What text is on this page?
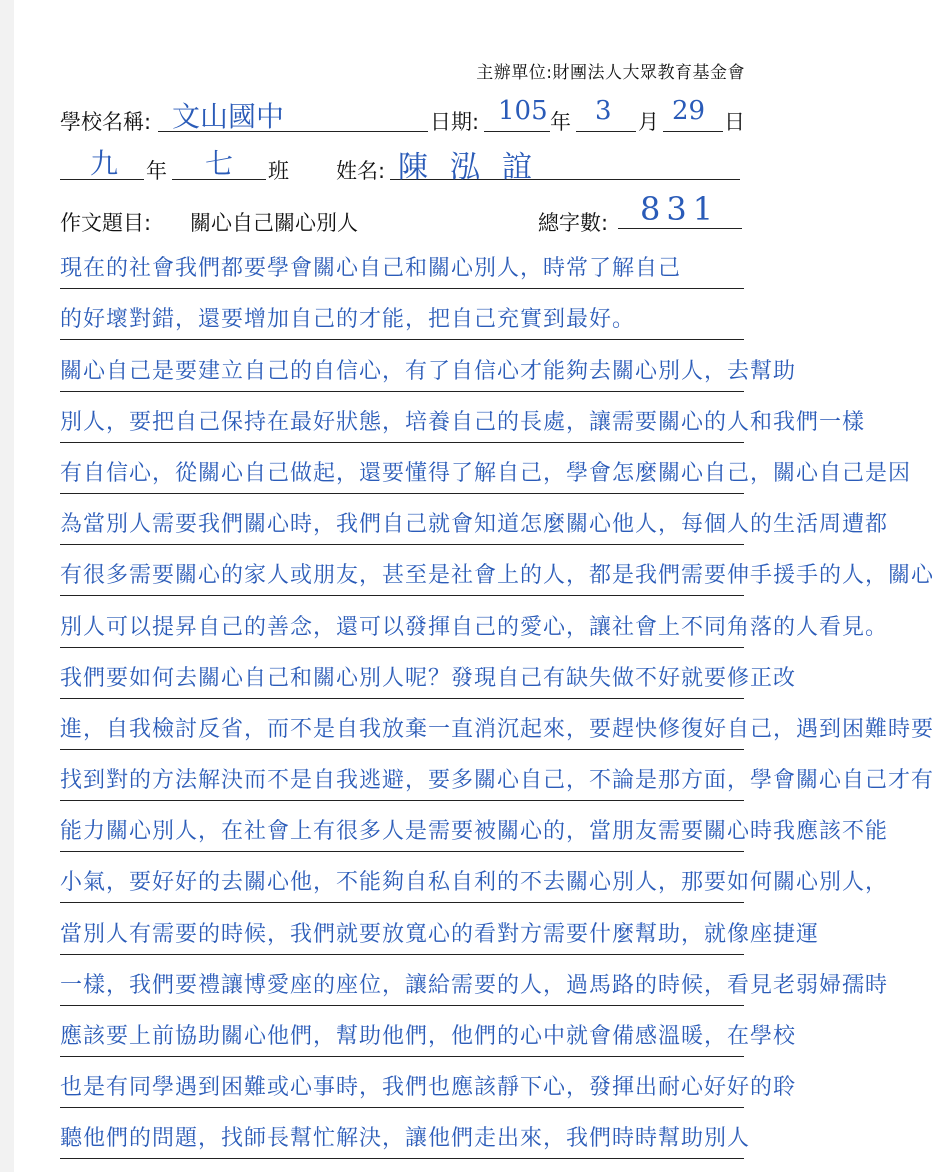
主辦單位:財團法人大眾教育基金會
學校名稱: 文山國中	日期: 105 年 3 月 29 日
九 年 七 班 姓名: 陳泓誼
作文題目: 關心自己關心別人	總字數: 831
現在的社會我們都要學會關心自己和關心別人，時常了解自己
的好壞對錯，還要增加自己的才能，把自己充實到最好。
關心自己是要建立自己的自信心，有了自信心才能夠去關心別人，去幫助
別人，要把自己保持在最好狀態，培養自己的長處，讓需要關心的人和我們一樣
有自信心，從關心自己做起，還要懂得了解自己，學會怎麼關心自己，關心自己是因
為當別人需要我們關心時，我們自己就會知道怎麼關心他人，每個人的生活周遭都
有很多需要關心的家人或朋友，甚至是社會上的人，都是我們需要伸手援手的人，關心
別人可以提昇自己的善念，還可以發揮自己的愛心，讓社會上不同角落的人看見。
我們要如何去關心自己和關心別人呢？發現自己有缺失做不好就要修正改
進，自我檢討反省，而不是自我放棄一直消沉起來，要趕快修復好自己，遇到困難時要
找到對的方法解決而不是自我逃避，要多關心自己，不論是那方面，學會關心自己才有
能力關心別人，在社會上有很多人是需要被關心的，當朋友需要關心時我應該不能
小氣，要好好的去關心他，不能夠自私自利的不去關心別人，那要如何關心別人，
當別人有需要的時候，我們就要放寬心的看對方需要什麼幫助，就像座捷運
一樣，我們要禮讓博愛座的座位，讓給需要的人，過馬路的時候，看見老弱婦孺時
應該要上前協助關心他們，幫助他們，他們的心中就會備感溫暖，在學校
也是有同學遇到困難或心事時，我們也應該靜下心，發揮出耐心好好的聆
聽他們的問題，找師長幫忙解決，讓他們走出來，我們時時幫助別人
